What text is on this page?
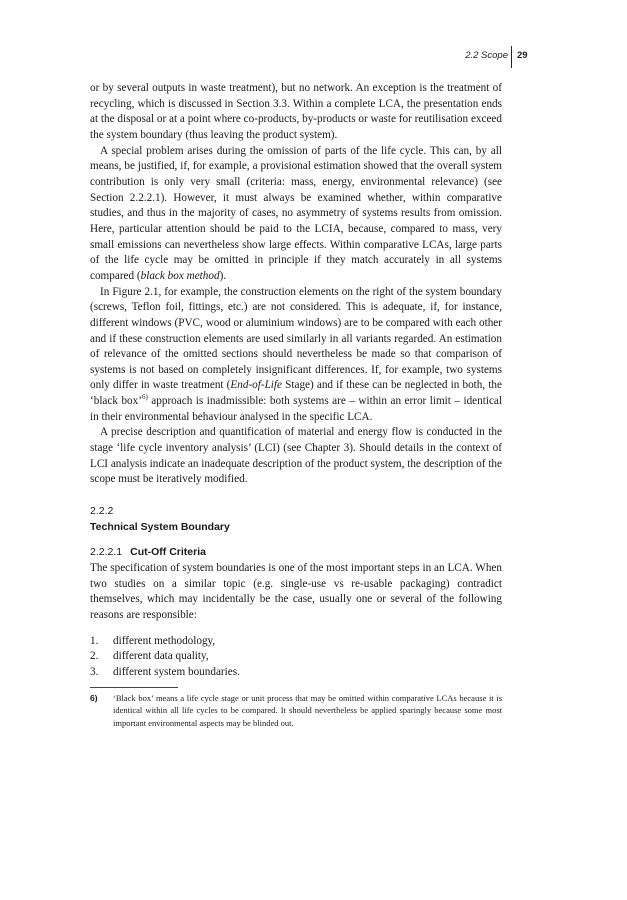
2.2 Scope 29

or by several outputs in waste treatment), but no network. An exception is the treatment of recycling, which is discussed in Section 3.3. Within a complete LCA, the presentation ends at the disposal or at a point where co-products, by-products or waste for reutilisation exceed the system boundary (thus leaving the product system).

A special problem arises during the omission of parts of the life cycle. This can, by all means, be justified, if, for example, a provisional estimation showed that the overall system contribution is only very small (criteria: mass, energy, environmental relevance) (see Section 2.2.2.1). However, it must always be examined whether, within comparative studies, and thus in the majority of cases, no asymmetry of systems results from omission. Here, particular attention should be paid to the LCIA, because, compared to mass, very small emissions can nevertheless show large effects. Within comparative LCAs, large parts of the life cycle may be omitted in principle if they match accurately in all systems compared (black box method).

In Figure 2.1, for example, the construction elements on the right of the system boundary (screws, Teflon foil, fittings, etc.) are not considered. This is adequate, if, for instance, different windows (PVC, wood or aluminium windows) are to be compared with each other and if these construction elements are used similarly in all variants regarded. An estimation of relevance of the omitted sections should nevertheless be made so that comparison of systems is not based on completely insignificant differences. If, for example, two systems only differ in waste treatment (End-of-Life Stage) and if these can be neglected in both, the ‘black box’$^{6)}$ approach is inadmissible: both systems are – within an error limit – identical in their environmental behaviour analysed in the specific LCA.

A precise description and quantification of material and energy flow is conducted in the stage ‘life cycle inventory analysis’ (LCI) (see Chapter 3). Should details in the context of LCI analysis indicate an inadequate description of the product system, the description of the scope must be iteratively modified.

2.2.2
Technical System Boundary
2.2.2.1 Cut-Off Criteria

The specification of system boundaries is one of the most important steps in an LCA. When two studies on a similar topic (e.g. single-use vs re-usable packaging) contradict themselves, which may incidentally be the case, usually one or several of the following reasons are responsible:

1.	different methodology,
2.	different data quality,
3.	different system boundaries.
6)	‘Black box’ means a life cycle stage or unit process that may be omitted within comparative LCAs because it is identical within all life cycles to be compared. It should nevertheless be applied sparingly because some most important environmental aspects may be blinded out.
